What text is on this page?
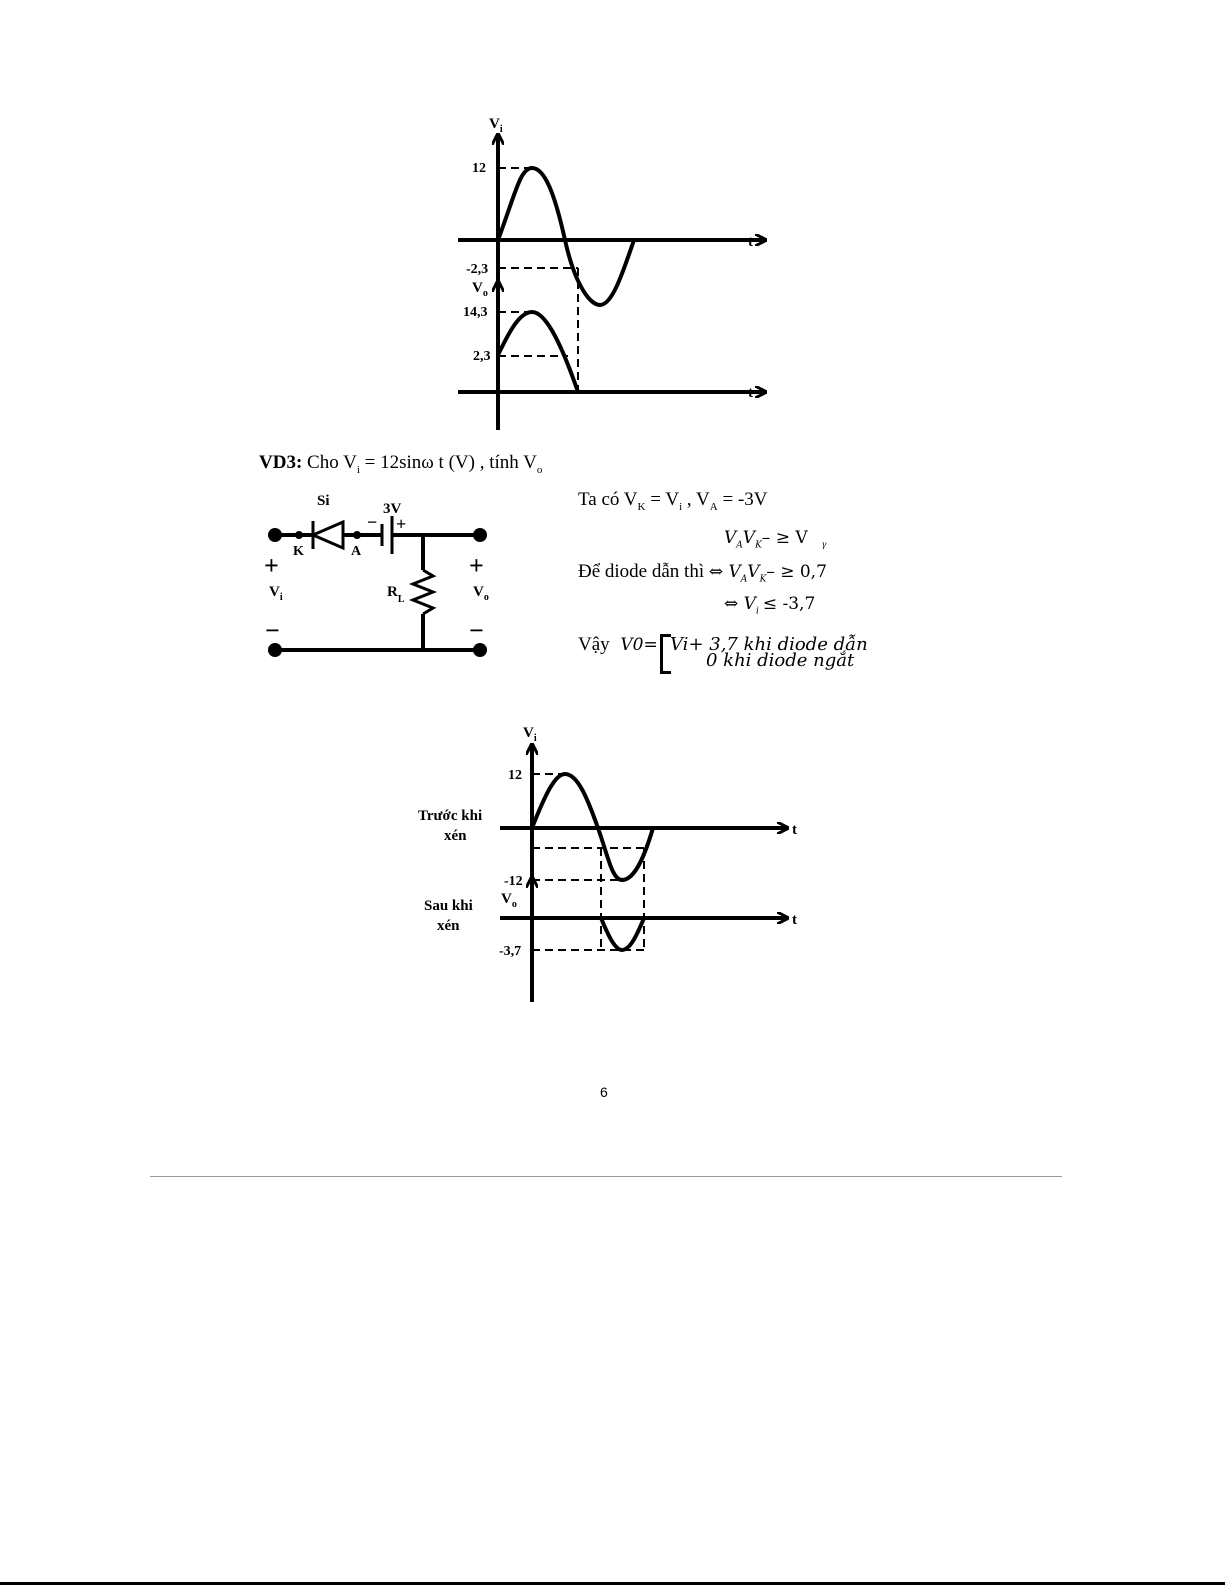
$V_i$
t
12
-2,3
$V_o$
14,3
2,3
t
VD3: Cho $V_i = 12\sin\omega$ t (V) , tính $V_o$
Si	3V
− +
K	A
+
$V_i$
−
$R_L$
+
$V_o$
−
Ta có $V_K = V_i$ , $V_A = -3V$
$V_AV_K- \ge V$ $_\gamma$
Để diode dẫn thì ⇔ $V_AV_K- \ge 0,7$
⇔ $V_i \le -3,7$
Vậy V0= Vi+ 3,7 khi diode dẫn
0 khi diode ngắt
$V_i$
t
12
-12
$V_o$
t
-3,7
Trước khi
xén
Sau khi
xén
6
